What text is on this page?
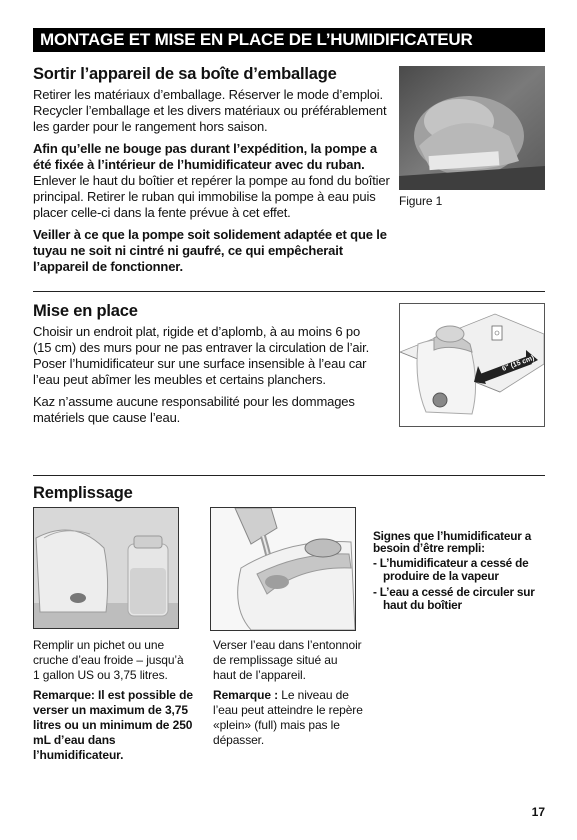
MONTAGE ET MISE EN PLACE DE L’HUMIDIFICATEUR
Sortir l’appareil de sa boîte d’emballage

Retirer les matériaux d’emballage. Réserver le mode d’emploi. Recycler l’emballage et les divers matériaux ou préférablement les garder pour le rangement hors saison.

Afin qu’elle ne bouge pas durant l’expédition, la pompe a été fixée à l’intérieur de l’humidificateur avec du ruban. Enlever le haut du boîtier et repérer la pompe au fond du boîtier principal. Retirer le ruban qui immobilise la pompe à eau puis placer celle-ci dans la fente prévue à cet effet.

Veiller à ce que la pompe soit solidement adaptée et que le tuyau ne soit ni cintré ni gaufré, ce qui empêcherait l’appareil de fonctionner.

Figure 1
Mise en place

Choisir un endroit plat, rigide et d’aplomb, à au moins 6 po (15 cm) des murs pour ne pas entraver la circulation de l’air. Poser l’humidificateur sur une surface insensible à l’eau car l’eau peut abîmer les meubles et certains planchers.

Kaz n’assume aucune responsabilité pour les dommages matériels que cause l’eau.

6" (15 cm)
Remplissage

Remplir un pichet ou une cruche d’eau froide – jusqu’à 1 gallon US ou 3,75 litres.

Remarque: Il est possible de verser un maximum de 3,75 litres ou un minimum de 250 mL d’eau dans l’humidificateur.

Verser l’eau dans l’entonnoir de remplissage situé au haut de l’appareil.

Remarque : Le niveau de l’eau peut atteindre le repère «plein» (full) mais pas le dépasser.

Signes que l’humidificateur a besoin d’être rempli:

- L’humidificateur a cessé de produire de la vapeur
- L’eau a cessé de circuler sur haut du boîtier
17
